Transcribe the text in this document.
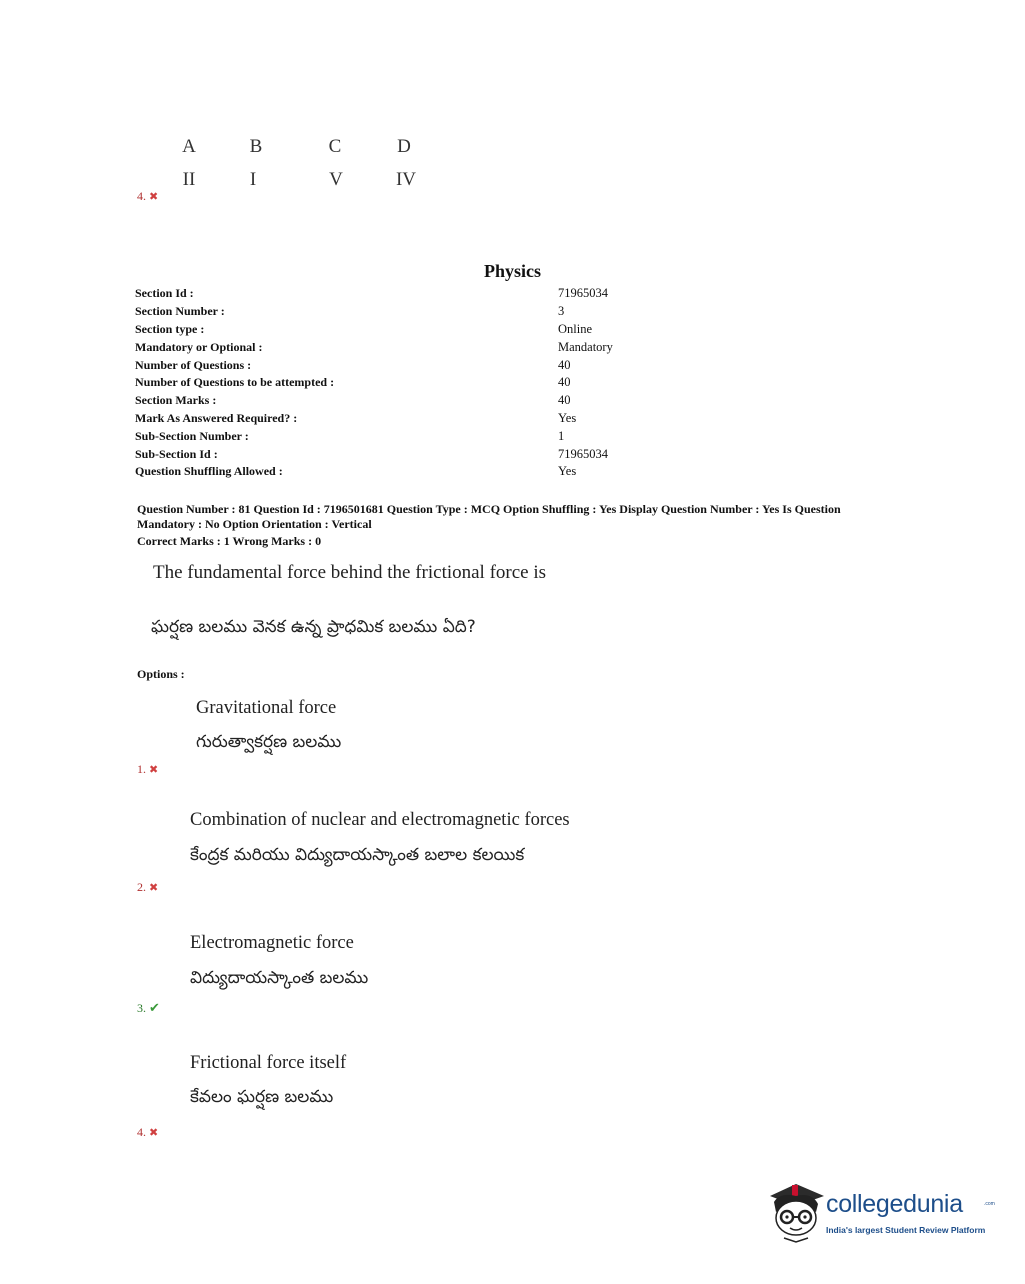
A	B	C	D
II	I	V	IV
4. ✖
Physics
Section Id :	71965034
Section Number :	3
Section type :	Online
Mandatory or Optional :	Mandatory
Number of Questions :	40
Number of Questions to be attempted :	40
Section Marks :	40
Mark As Answered Required? :	Yes
Sub-Section Number :	1
Sub-Section Id :	71965034
Question Shuffling Allowed :	Yes
Question Number : 81 Question Id : 7196501681 Question Type : MCQ Option Shuffling : Yes Display Question Number : Yes Is Question
Mandatory : No Option Orientation : Vertical
Correct Marks : 1 Wrong Marks : 0
The fundamental force behind the frictional force is
ఘర్షణ బలము వెనక ఉన్న ప్రాధమిక బలము ఏది?
Options :
Gravitational force
గురుత్వాకర్షణ బలము
1. ✖
Combination of nuclear and electromagnetic forces
కేంద్రక మరియు విద్యుదాయస్కాంత బలాల కలయిక
2. ✖
Electromagnetic force
విద్యుదాయస్కాంత బలము
3. ✔
Frictional force itself
కేవలం ఘర్షణ బలము
4. ✖
collegedunia	.com
India's largest Student Review Platform
